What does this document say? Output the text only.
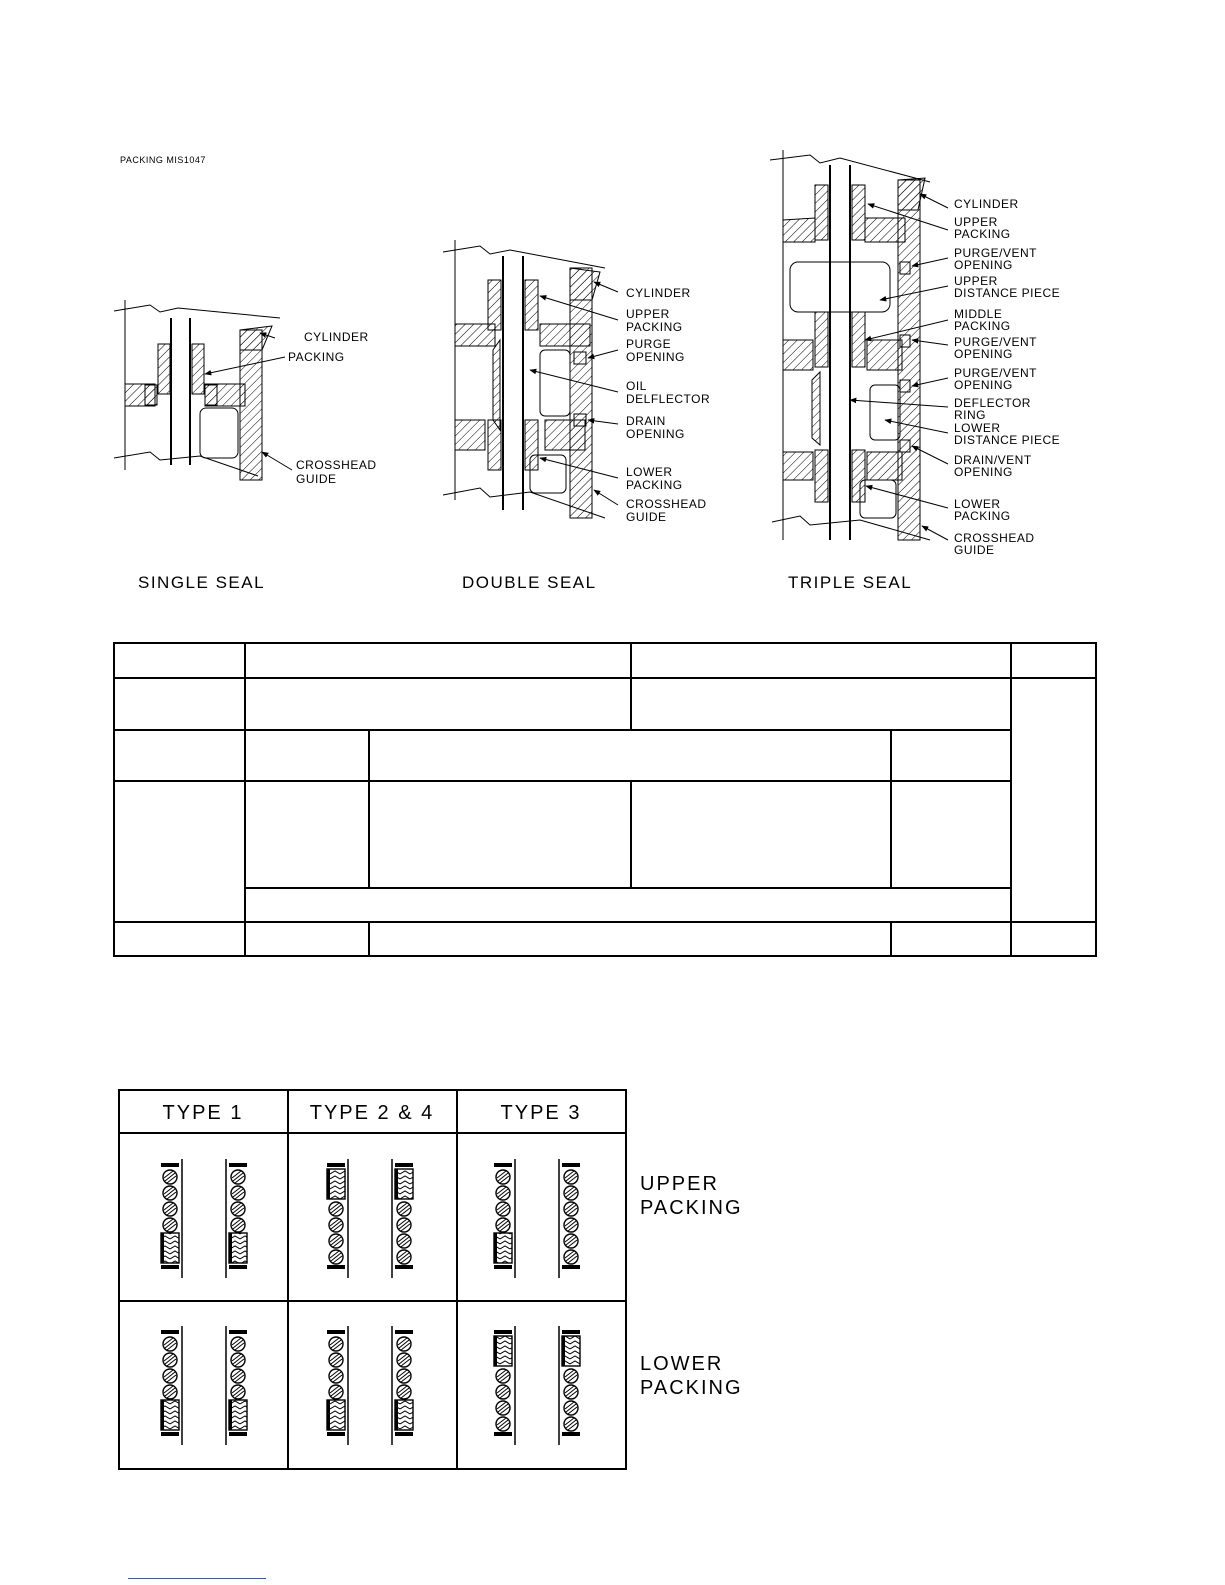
PACKING MIS1047
CYLINDER
PACKING
CROSSHEAD
GUIDE
SINGLE SEAL
CYLINDER
UPPER
PACKING
PURGE
OPENING
OIL
DELFLECTOR
DRAIN
OPENING
LOWER
PACKING
CROSSHEAD
GUIDE
DOUBLE SEAL
CYLINDER
UPPER
PACKING
PURGE/VENT
OPENING
UPPER
DISTANCE PIECE
MIDDLE
PACKING
PURGE/VENT
OPENING
PURGE/VENT
OPENING
DEFLECTOR
RING
LOWER
DISTANCE PIECE
DRAIN/VENT
OPENING
LOWER
PACKING
CROSSHEAD
GUIDE
TRIPLE SEAL
TYPE 1	TYPE 2 & 4	TYPE 3
UPPER
PACKING
LOWER
PACKING
